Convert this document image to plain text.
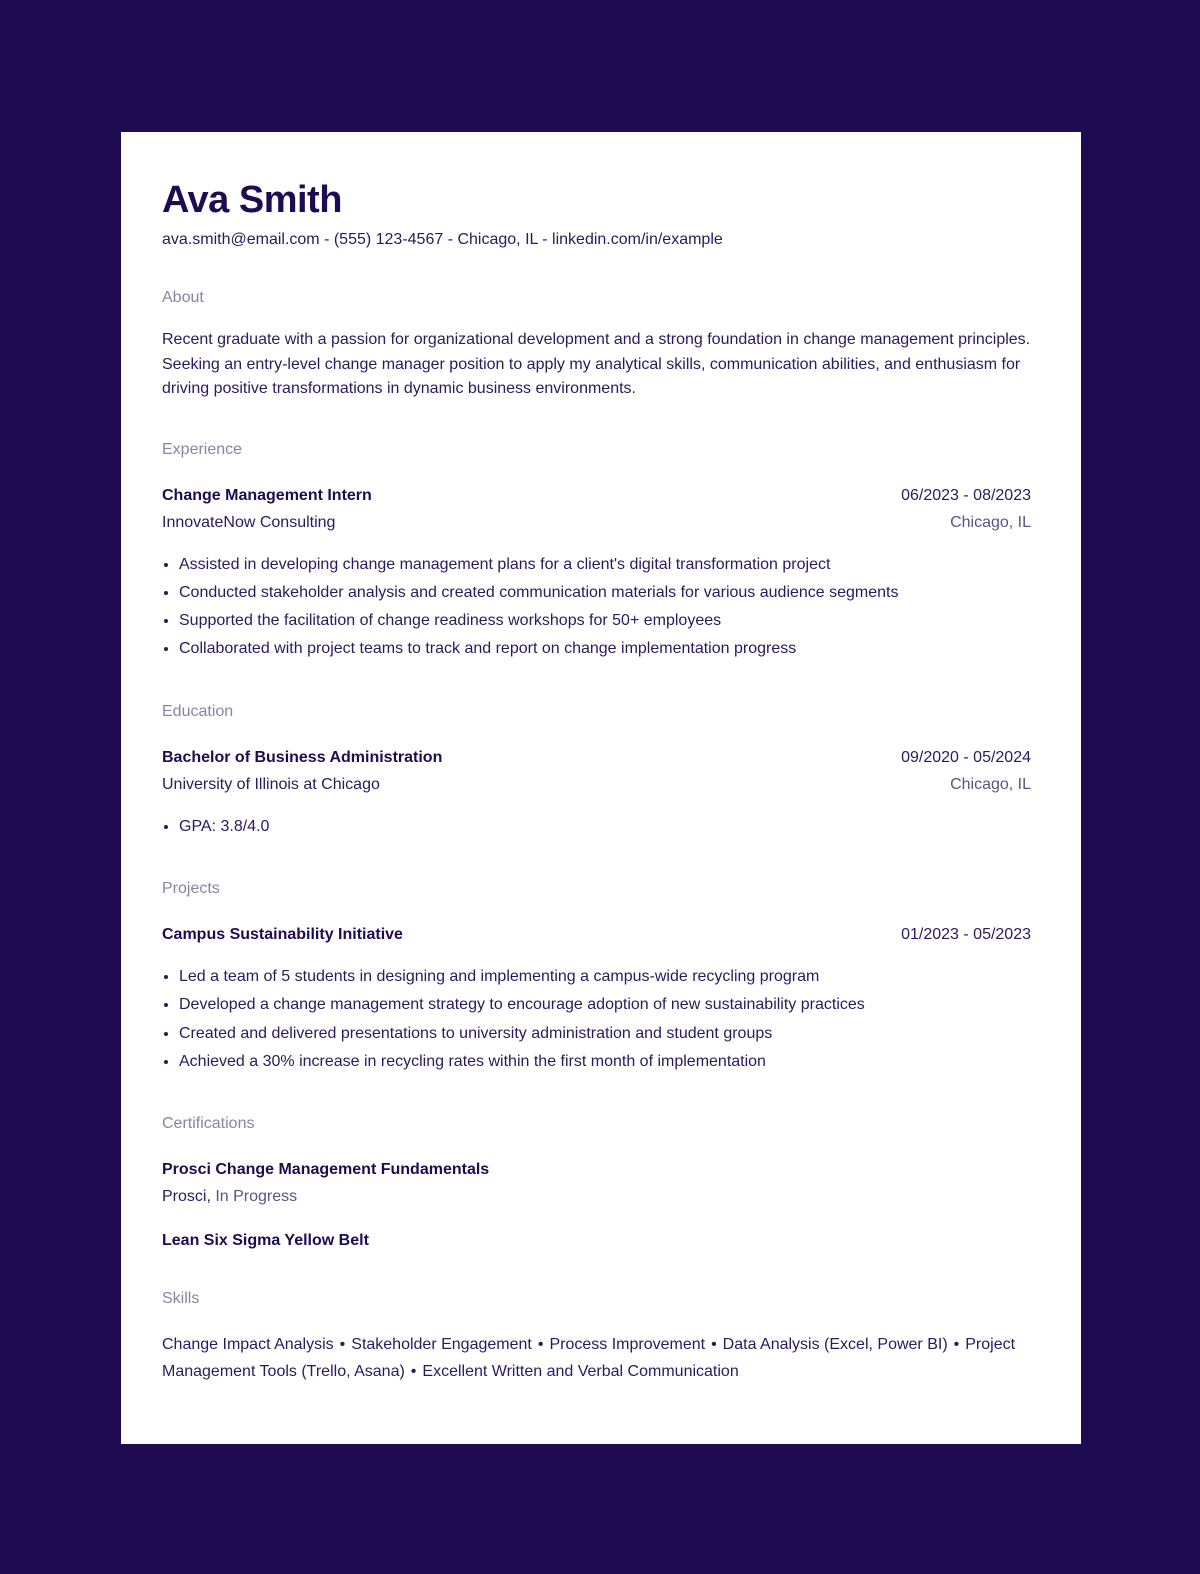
Ava Smith
ava.smith@email.com - (555) 123-4567 - Chicago, IL - linkedin.com/in/example
About
Recent graduate with a passion for organizational development and a strong foundation in change management principles. Seeking an entry-level change manager position to apply my analytical skills, communication abilities, and enthusiasm for driving positive transformations in dynamic business environments.
Experience
Change Management Intern	06/2023 - 08/2023
InnovateNow Consulting	Chicago, IL
• Assisted in developing change management plans for a client's digital transformation project
• Conducted stakeholder analysis and created communication materials for various audience segments
• Supported the facilitation of change readiness workshops for 50+ employees
• Collaborated with project teams to track and report on change implementation progress
Education
Bachelor of Business Administration	09/2020 - 05/2024
University of Illinois at Chicago	Chicago, IL
• GPA: 3.8/4.0
Projects
Campus Sustainability Initiative	01/2023 - 05/2023
• Led a team of 5 students in designing and implementing a campus-wide recycling program
• Developed a change management strategy to encourage adoption of new sustainability practices
• Created and delivered presentations to university administration and student groups
• Achieved a 30% increase in recycling rates within the first month of implementation
Certifications
Prosci Change Management Fundamentals
Prosci, In Progress
Lean Six Sigma Yellow Belt
Skills
Change Impact Analysis • Stakeholder Engagement • Process Improvement • Data Analysis (Excel, Power BI) • Project Management Tools (Trello, Asana) • Excellent Written and Verbal Communication
